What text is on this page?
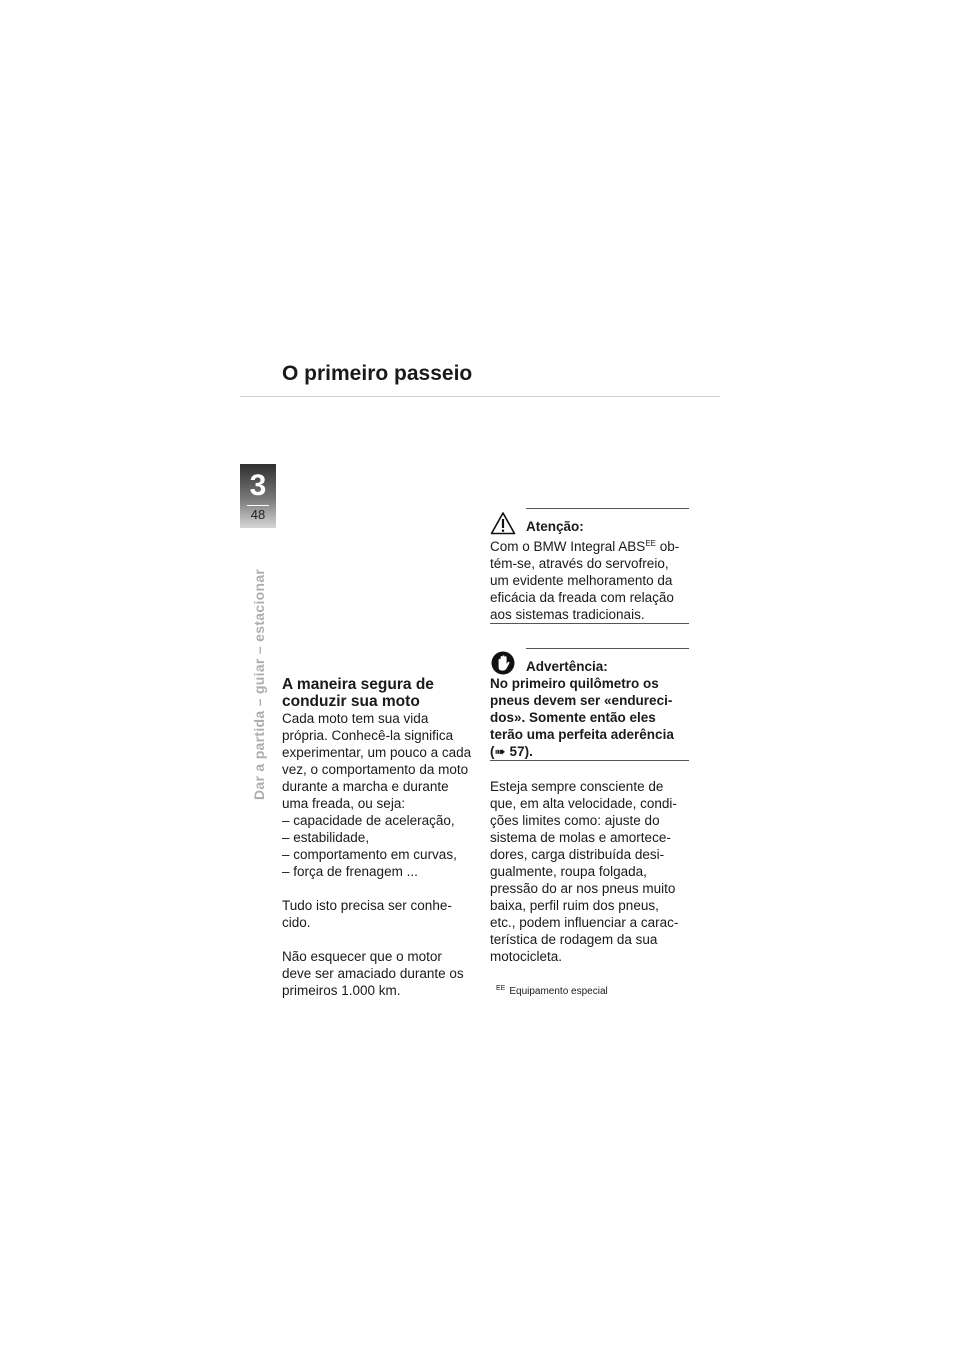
O primeiro passeio
3
48
Dar a partida – guiar – estacionar A maneira segura de
conduzir sua moto

Cada moto tem sua vida
própria. Conhecê-la significa
experimentar, um pouco a cada
vez, o comportamento da moto
durante a marcha e durante
uma freada, ou seja:

– capacidade de aceleração,
– estabilidade,
– comportamento em curvas,
– força de frenagem ...

Tudo isto precisa ser conhe-
cido.

Não esquecer que o motor
deve ser amaciado durante os
primeiros 1.000 km.

Atenção:

Com o BMW Integral $ABS^{EE}$ ob-
tém-se, através do servofreio,
um evidente melhoramento da
eficácia da freada com relação
aos sistemas tradicionais.

Advertência:

No primeiro quilômetro os
pneus devem ser «endureci-
dos». Somente então eles
terão uma perfeita aderência
(➠ 57).

Esteja sempre consciente de
que, em alta velocidade, condi-
ções limites como: ajuste do
sistema de molas e amortece-
dores, carga distribuída desi-
gualmente, roupa folgada,
pressão do ar nos pneus muito
baixa, perfil ruim dos pneus,
etc., podem influenciar a carac-
terística de rodagem da sua
motocicleta.

$^{EE}$ Equipamento especial
